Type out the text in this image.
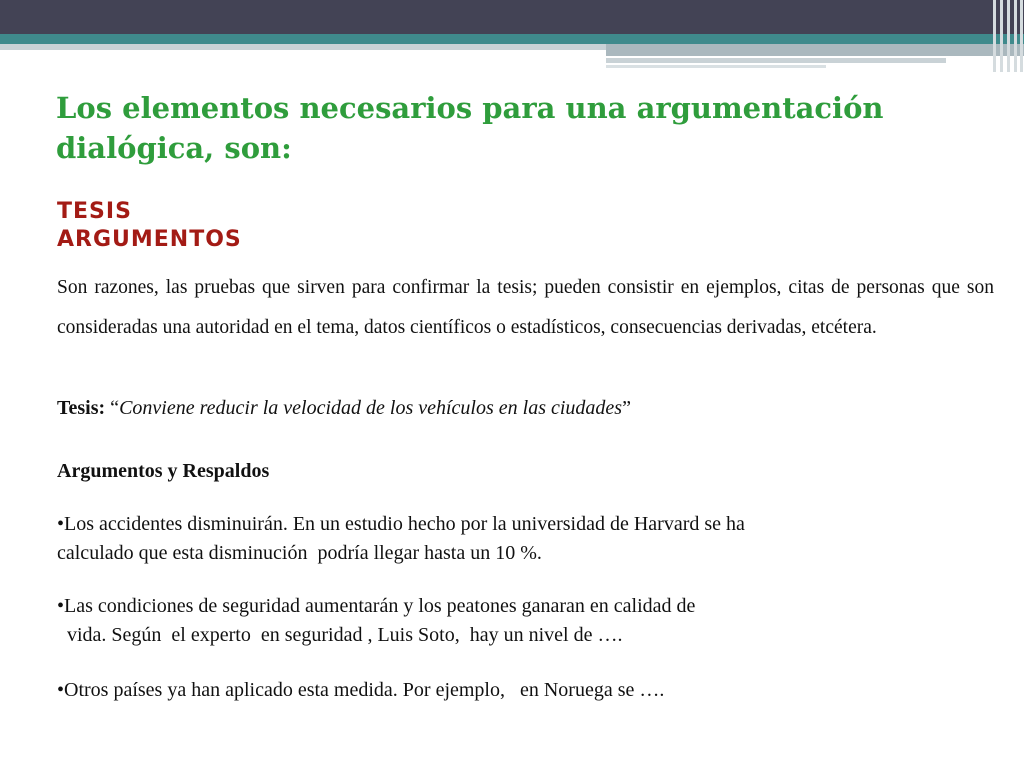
Los elementos necesarios para una argumentación dialógica, son:
TESIS
ARGUMENTOS

Son razones, las pruebas que sirven para confirmar la tesis; pueden consistir en ejemplos, citas de personas que son consideradas una autoridad en el tema, datos científicos o estadísticos, consecuencias derivadas, etcétera.

Tesis: “Conviene reducir la velocidad de los vehículos en las ciudades”

Argumentos y Respaldos

•Los accidentes disminuirán. En un estudio hecho por la universidad de Harvard se ha
calculado que esta disminución  podría llegar hasta un 10 %.
•Las condiciones de seguridad aumentarán y los peatones ganaran en calidad de
vida. Según  el experto  en seguridad , Luis Soto,  hay un nivel de ….
•Otros países ya han aplicado esta medida. Por ejemplo,   en Noruega se ….
